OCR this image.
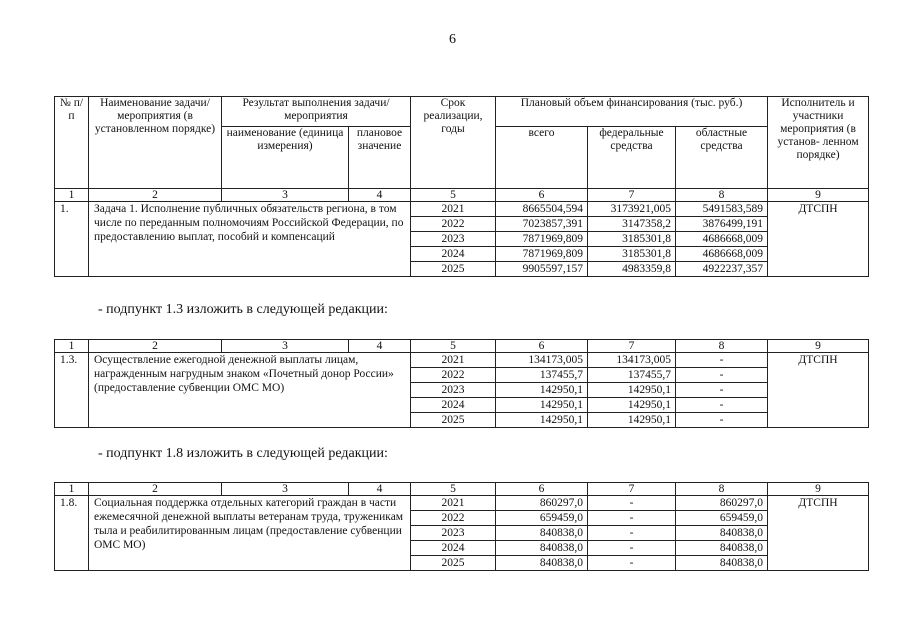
6
№ п/п	Наименование задачи/ мероприятия (в установленном порядке)	Результат выполнения задачи/мероприятия		Срок реализации, годы	Плановый объем финансирования (тыс. руб.)			Исполнитель и участники мероприятия (в установ- ленном порядке)
		наименование (единица измерения)	плановое значение		всего	федеральные средства	областные средства	
1	2	3	4	5	6	7	8	9
1.	Задача 1. Исполнение публичных обязательств региона, в том числе по переданным полномочиям Российской Федерации, по предоставлению выплат, пособий и компенсаций			2021	8665504,594	3173921,005	5491583,589	ДТСПН
				2022	7023857,391	3147358,2	3876499,191	
				2023	7871969,809	3185301,8	4686668,009	
				2024	7871969,809	3185301,8	4686668,009	
				2025	9905597,157	4983359,8	4922237,357	
- подпункт 1.3 изложить в следующей редакции:
1	2	3	4	5	6	7	8	9
1.3.	Осуществление ежегодной денежной выплаты лицам, награжденным нагрудным знаком «Почетный донор России» (предоставление субвенции ОМС МО)			2021	134173,005	134173,005	-	ДТСПН
				2022	137455,7	137455,7	-	
				2023	142950,1	142950,1	-	
				2024	142950,1	142950,1	-	
				2025	142950,1	142950,1	-	
- подпункт 1.8 изложить в следующей редакции:
1	2	3	4	5	6	7	8	9
1.8.	Социальная поддержка отдельных категорий граждан в части ежемесячной денежной выплаты ветеранам труда, труженикам тыла и реабилитированным лицам (предоставление субвенции ОМС МО)			2021	860297,0	-	860297,0	ДТСПН
				2022	659459,0	-	659459,0	
				2023	840838,0	-	840838,0	
				2024	840838,0	-	840838,0	
				2025	840838,0	-	840838,0	
